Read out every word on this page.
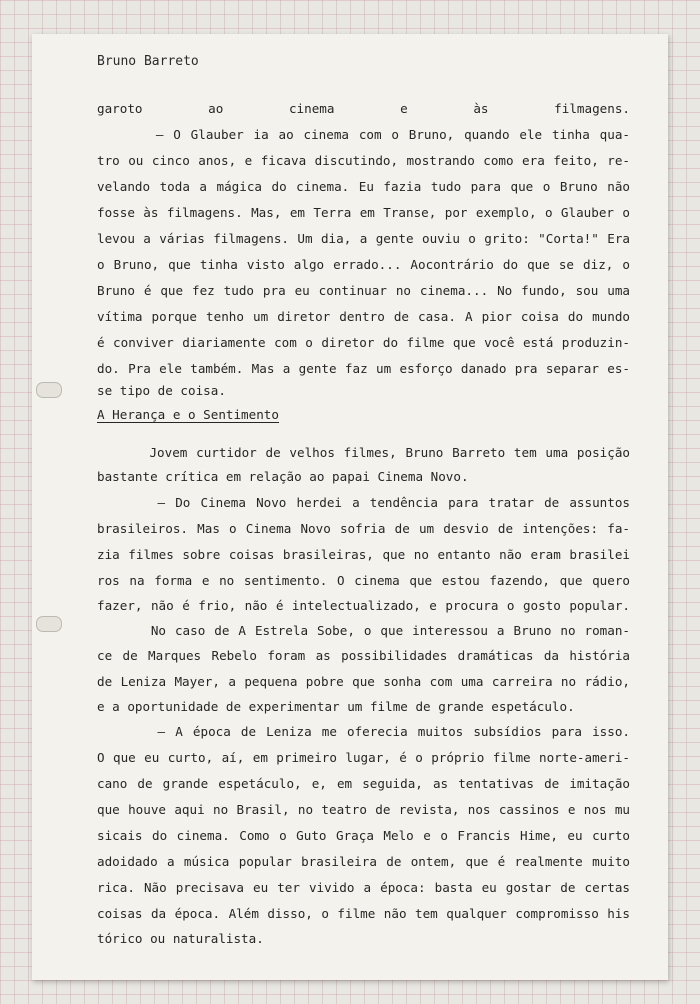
Bruno Barreto
garoto ao cinema e às filmagens.
— O Glauber ia ao cinema com o Bruno, quando ele tinha qua-
tro ou cinco anos, e ficava discutindo, mostrando como era feito, re-
velando toda a mágica do cinema. Eu fazia tudo para que o Bruno não
fosse às filmagens. Mas, em Terra em Transe, por exemplo, o Glauber o
levou a várias filmagens. Um dia, a gente ouviu o grito: "Corta!" Era
o Bruno, que tinha visto algo errado... Aocontrário do que se diz, o
Bruno é que fez tudo pra eu continuar no cinema... No fundo, sou uma
vítima porque tenho um diretor dentro de casa. A pior coisa do mundo
é conviver diariamente com o diretor do filme que você está produzin-
do. Pra ele também. Mas a gente faz um esforço danado pra separar es-
se tipo de coisa.
A Herança e o Sentimento
Jovem curtidor de velhos filmes, Bruno Barreto tem uma posição
bastante crítica em relação ao papai Cinema Novo.
— Do Cinema Novo herdei a tendência para tratar de assuntos
brasileiros. Mas o Cinema Novo sofria de um desvio de intenções: fa-
zia filmes sobre coisas brasileiras, que no entanto não eram brasilei
ros na forma e no sentimento. O cinema que estou fazendo, que quero
fazer, não é frio, não é intelectualizado, e procura o gosto popular.
No caso de A Estrela Sobe, o que interessou a Bruno no roman-
ce de Marques Rebelo foram as possibilidades dramáticas da história
de Leniza Mayer, a pequena pobre que sonha com uma carreira no rádio,
e a oportunidade de experimentar um filme de grande espetáculo.
— A época de Leniza me oferecia muitos subsídios para isso.
O que eu curto, aí, em primeiro lugar, é o próprio filme norte-ameri-
cano de grande espetáculo, e, em seguida, as tentativas de imitação
que houve aqui no Brasil, no teatro de revista, nos cassinos e nos mu
sicais do cinema. Como o Guto Graça Melo e o Francis Hime, eu curto
adoidado a música popular brasileira de ontem, que é realmente muito
rica. Não precisava eu ter vivido a época: basta eu gostar de certas
coisas da época. Além disso, o filme não tem qualquer compromisso his
tórico ou naturalista.
